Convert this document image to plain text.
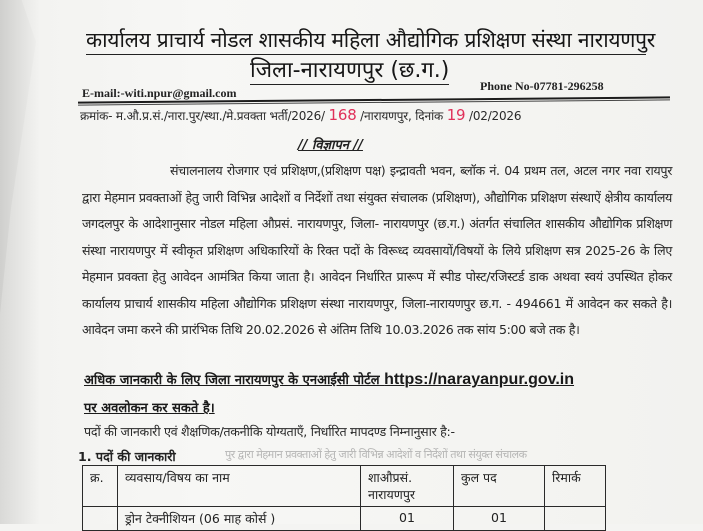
कार्यालय प्राचार्य नोडल शासकीय महिला औद्योगिक प्रशिक्षण संस्था नारायणपुर
जिला-नारायणपुर (छ.ग.)
Phone No-07781-296258
E-mail:-witi.npur@gmail.com
क्रमांक- म.औ.प्र.सं./नारा.पुर/स्था./मे.प्रवक्ता भर्ती/2026/ 168 /नारायणपुर, दिनांक 19 /02/2026
// विज्ञापन //

संचालनालय रोजगार एवं प्रशिक्षण,(प्रशिक्षण पक्ष) इन्द्रावती भवन, ब्लॉक नं. 04 प्रथम तल, अटल नगर नवा रायपुर द्वारा मेहमान प्रवक्ताओं हेतु जारी विभिन्न आदेशों व निर्देशों तथा संयुक्त संचालक (प्रशिक्षण), औद्योगिक प्रशिक्षण संस्थाऐं क्षेत्रीय कार्यालय जगदलपुर के आदेशानुसार नोडल महिला औप्रसं. नारायणपुर, जिला- नारायणपुर (छ.ग.) अंतर्गत संचालित शासकीय औद्योगिक प्रशिक्षण संस्था नारायणपुर में स्वीकृत प्रशिक्षण अधिकारियों के रिक्त पदों के विरूध्द व्यवसायों/विषयों के लिये प्रशिक्षण सत्र 2025-26 के लिए मेहमान प्रवक्ता हेतु आवेदन आमंत्रित किया जाता है। आवेदन निर्धारित प्रारूप में स्पीड पोस्ट/रजिस्टर्ड डाक अथवा स्वयं उपस्थित होकर कार्यालय प्राचार्य शासकीय महिला औद्योगिक प्रशिक्षण संस्था नारायणपुर, जिला-नारायणपुर छ.ग. - 494661 में आवेदन कर सकते है। आवेदन जमा करने की प्रारंभिक तिथि 20.02.2026 से अंतिम तिथि 10.03.2026 तक सांय 5:00 बजे तक है।

अधिक जानकारी के लिए जिला नारायणपुर के एनआईसी पोर्टल https://narayanpur.gov.in
पर अवलोकन कर सकते है।
पदों की जानकारी एवं शैक्षणिक/तकनीकि योग्यताएँ, निर्धारित मापदण्ड निम्नानुसार है:-
1. पदों की जानकारी	पुर द्वारा मेहमान प्रवक्ताओं हेतु जारी विभिन्न आदेशों व निर्देशों तथा संयुक्त संचालक
क्र.	व्यवसाय/विषय का नाम	शाऔप्रसं. नारायणपुर	कुल पद	रिमार्क
	ड्रोन टेक्नीशियन (06 माह कोर्स )	01	01	
